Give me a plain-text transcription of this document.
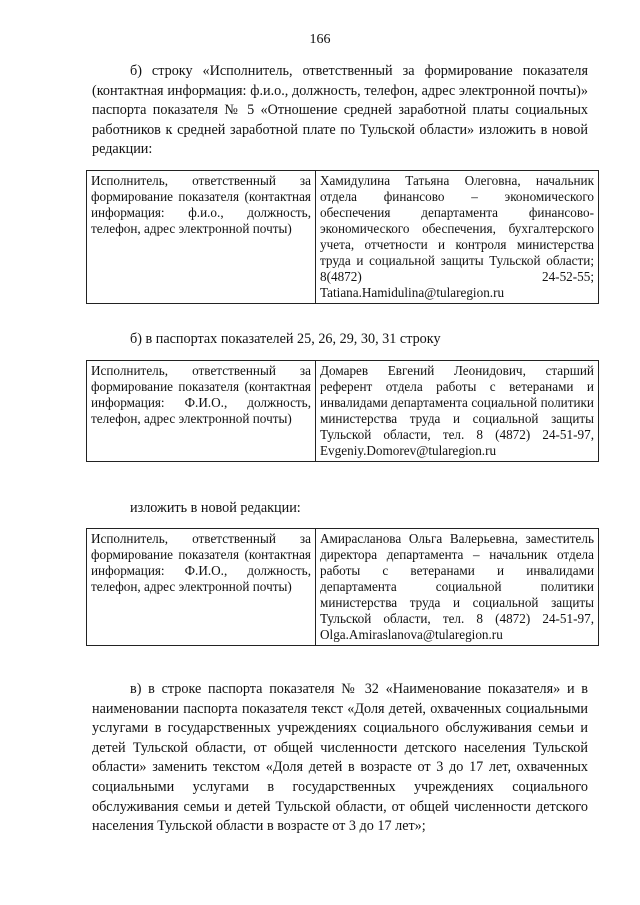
166
б) строку «Исполнитель, ответственный за формирование показателя (контактная информация: ф.и.о., должность, телефон, адрес электронной почты)» паспорта показателя № 5 «Отношение средней заработной платы социальных работников к средней заработной плате по Тульской области» изложить в новой редакции:
Исполнитель, ответственный за формирование показателя (контактная информация: ф.и.о., должность, телефон, адрес электронной почты)	Хамидулина Татьяна Олеговна, начальник отдела финансово – экономического обеспечения департамента финансово-экономического обеспечения, бухгалтерского учета, отчетности и контроля министерства труда и социальной защиты Тульской области; 8(4872) 24-52-55; Tatiana.Hamidulina@tularegion.ru
б) в паспортах показателей 25, 26, 29, 30, 31 строку
Исполнитель, ответственный за формирование показателя (контактная информация: Ф.И.О., должность, телефон, адрес электронной почты)	Домарев Евгений Леонидович, старший референт отдела работы с ветеранами и инвалидами департамента социальной политики министерства труда и социальной защиты Тульской области, тел. 8 (4872) 24-51-97, Evgeniy.Domorev@tularegion.ru
изложить в новой редакции:
Исполнитель, ответственный за формирование показателя (контактная информация: Ф.И.О., должность, телефон, адрес электронной почты)	Амирасланова Ольга Валерьевна, заместитель директора департамента – начальник отдела работы с ветеранами и инвалидами департамента социальной политики министерства труда и социальной защиты Тульской области, тел. 8 (4872) 24-51-97, Olga.Amiraslanova@tularegion.ru
в) в строке паспорта показателя № 32 «Наименование показателя» и в наименовании паспорта показателя текст «Доля детей, охваченных социальными услугами в государственных учреждениях социального обслуживания семьи и детей Тульской области, от общей численности детского населения Тульской области» заменить текстом «Доля детей в возрасте от 3 до 17 лет, охваченных социальными услугами в государственных учреждениях социального обслуживания семьи и детей Тульской области, от общей численности детского населения Тульской области в возрасте от 3 до 17 лет»;
